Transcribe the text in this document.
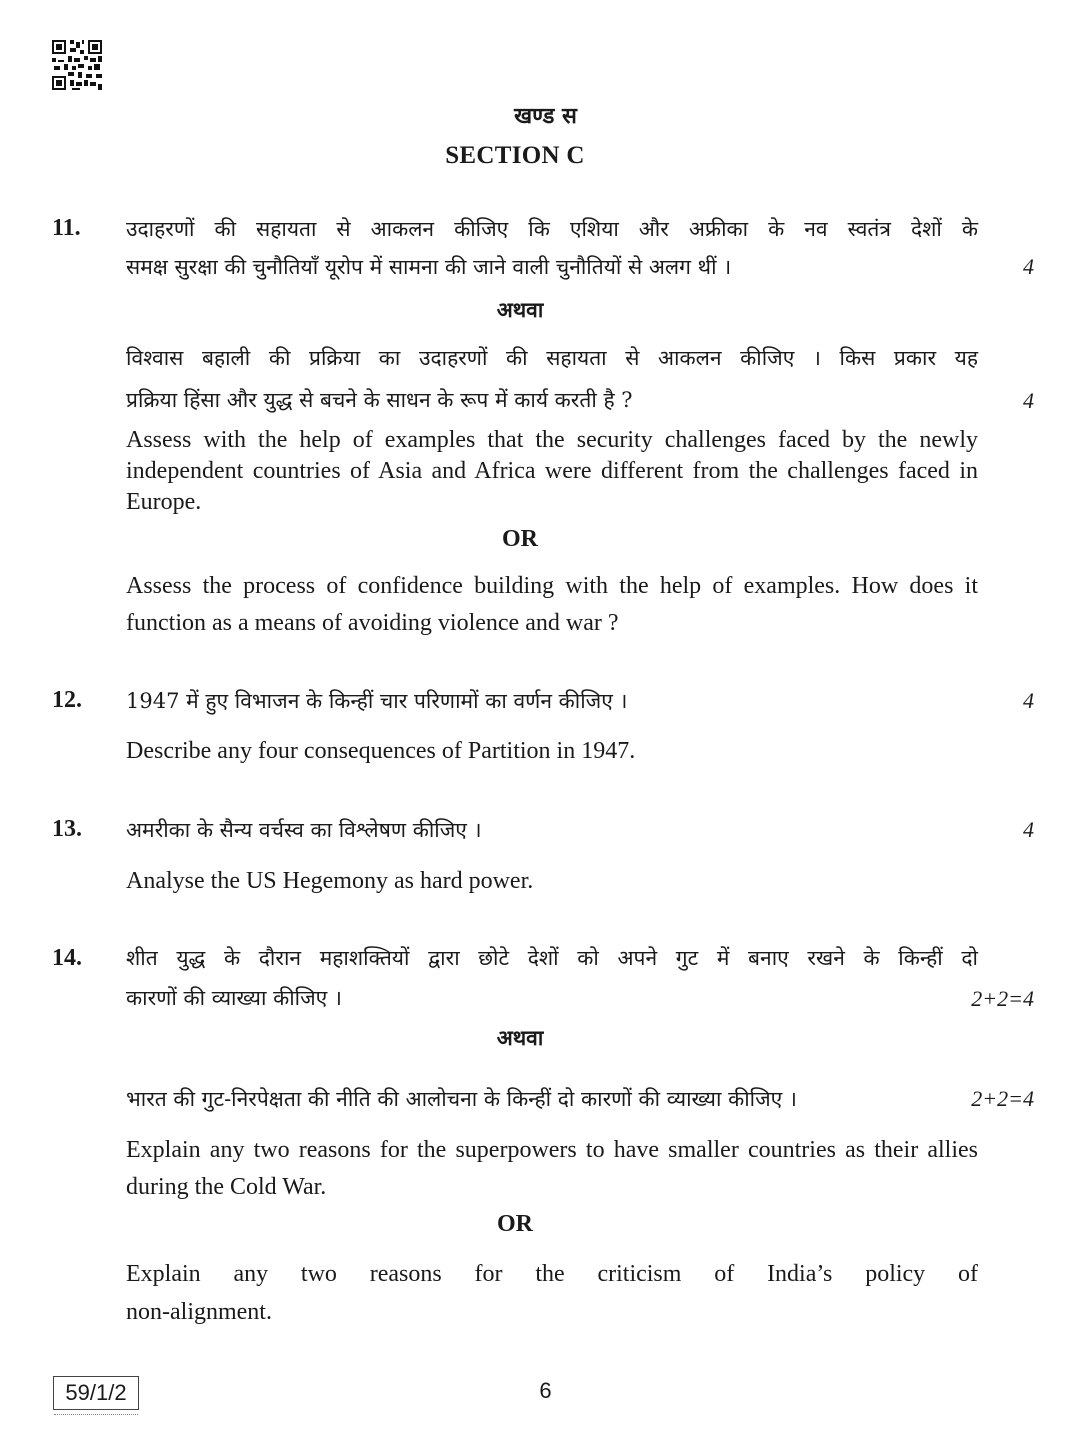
खण्ड स
SECTION C
11. उदाहरणों की सहायता से आकलन कीजिए कि एशिया और अफ्रीका के नव स्वतंत्र देशों के
समक्ष सुरक्षा की चुनौतियाँ यूरोप में सामना की जाने वाली चुनौतियों से अलग थीं ।	4
अथवा
विश्वास बहाली की प्रक्रिया का उदाहरणों की सहायता से आकलन कीजिए । किस प्रकार यह
प्रक्रिया हिंसा और युद्ध से बचने के साधन के रूप में कार्य करती है ?	4
Assess with the help of examples that the security challenges faced by the newly independent countries of Asia and Africa were different from the challenges faced in Europe.
OR
Assess the process of confidence building with the help of examples. How does it function as a means of avoiding violence and war ?
12. 1947 में हुए विभाजन के किन्हीं चार परिणामों का वर्णन कीजिए ।	4
Describe any four consequences of Partition in 1947.
13. अमरीका के सैन्य वर्चस्व का विश्लेषण कीजिए ।	4
Analyse the US Hegemony as hard power.
14. शीत युद्ध के दौरान महाशक्तियों द्वारा छोटे देशों को अपने गुट में बनाए रखने के किन्हीं दो
कारणों की व्याख्या कीजिए ।	2+2=4
अथवा
भारत की गुट-निरपेक्षता की नीति की आलोचना के किन्हीं दो कारणों की व्याख्या कीजिए ।	2+2=4
Explain any two reasons for the superpowers to have smaller countries as their allies during the Cold War.
OR
Explain any two reasons for the criticism of India’s policy of
non-alignment.
59/1/2	6
